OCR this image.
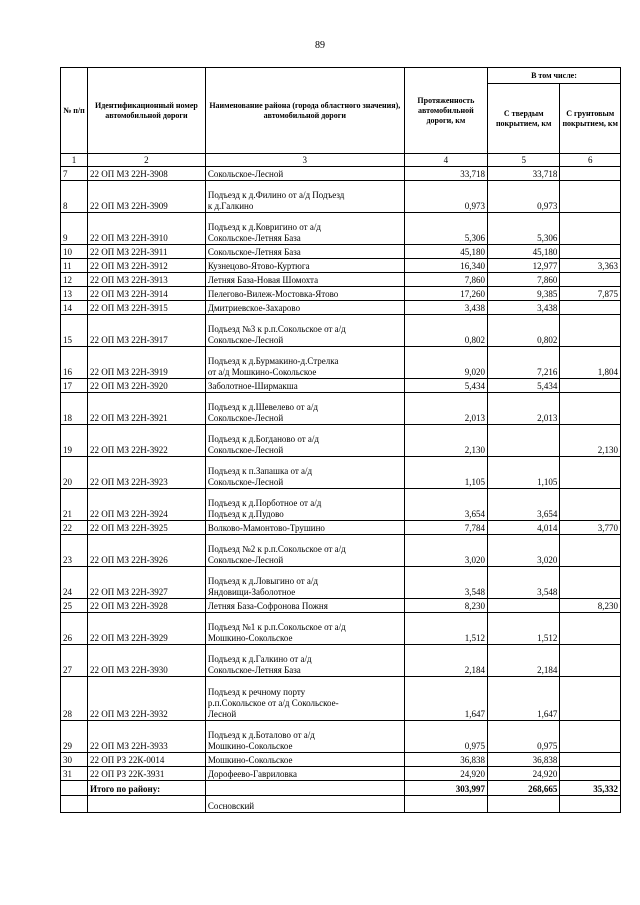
89
№ п/п	Идентификационный номер автомобильной дороги	Наименование района (города областного значения), автомобильной дороги	Протяженность автомобильной дороги, км	В том числе:	
				С твердым покрытием, км	С грунтовым покрытием, км
1	2	3	4	5	6
7	22 ОП МЗ 22Н-3908	Сокольское-Лесной	33,718	33,718	
8	22 ОП МЗ 22Н-3909	Подъезд к д.Филино от а/д Подъезд
к д.Галкино	0,973	0,973	
9	22 ОП МЗ 22Н-3910	Подъезд к д.Ковригино от а/д
Сокольское-Летняя База	5,306	5,306	
10	22 ОП МЗ 22Н-3911	Сокольское-Летняя База	45,180	45,180	
11	22 ОП МЗ 22Н-3912	Кузнецово-Ятово-Куртюга	16,340	12,977	3,363
12	22 ОП МЗ 22Н-3913	Летняя База-Новая Шомохта	7,860	7,860	
13	22 ОП МЗ 22Н-3914	Пелегово-Вилеж-Мостовка-Ятово	17,260	9,385	7,875
14	22 ОП МЗ 22Н-3915	Дмитриевское-Захарово	3,438	3,438	
15	22 ОП МЗ 22Н-3917	Подъезд №3 к р.п.Сокольское от а/д
Сокольское-Лесной	0,802	0,802	
16	22 ОП МЗ 22Н-3919	Подъезд к д.Бурмакино-д.Стрелка
от а/д Мошкино-Сокольское	9,020	7,216	1,804
17	22 ОП МЗ 22Н-3920	Заболотное-Ширмакша	5,434	5,434	
18	22 ОП МЗ 22Н-3921	Подъезд к д.Шевелево от а/д
Сокольское-Лесной	2,013	2,013	
19	22 ОП МЗ 22Н-3922	Подъезд к д.Богданово от а/д
Сокольское-Лесной	2,130		2,130
20	22 ОП МЗ 22Н-3923	Подъезд к п.Запашка от а/д
Сокольское-Лесной	1,105	1,105	
21	22 ОП МЗ 22Н-3924	Подъезд к д.Порботное от а/д
Подъезд к д.Пудово	3,654	3,654	
22	22 ОП МЗ 22Н-3925	Волково-Мамонтово-Трушино	7,784	4,014	3,770
23	22 ОП МЗ 22Н-3926	Подъезд №2 к р.п.Сокольское от а/д
Сокольское-Лесной	3,020	3,020	
24	22 ОП МЗ 22Н-3927	Подъезд к д.Ловыгино от а/д
Яндовищи-Заболотное	3,548	3,548	
25	22 ОП МЗ 22Н-3928	Летняя База-Софронова Пожня	8,230		8,230
26	22 ОП МЗ 22Н-3929	Подъезд №1 к р.п.Сокольское от а/д
Мошкино-Сокольское	1,512	1,512	
27	22 ОП МЗ 22Н-3930	Подъезд к д.Галкино от а/д
Сокольское-Летняя База	2,184	2,184	
28	22 ОП МЗ 22Н-3932	Подъезд к речному порту
р.п.Сокольское от а/д Сокольское-
Лесной	1,647	1,647	
29	22 ОП МЗ 22Н-3933	Подъезд к д.Боталово от а/д
Мошкино-Сокольское	0,975	0,975	
30	22 ОП РЗ 22К-0014	Мошкино-Сокольское	36,838	36,838	
31	22 ОП РЗ 22К-3931	Дорофеево-Гавриловка	24,920	24,920	
	Итого по району:		303,997	268,665	35,332
		Сосновский			
